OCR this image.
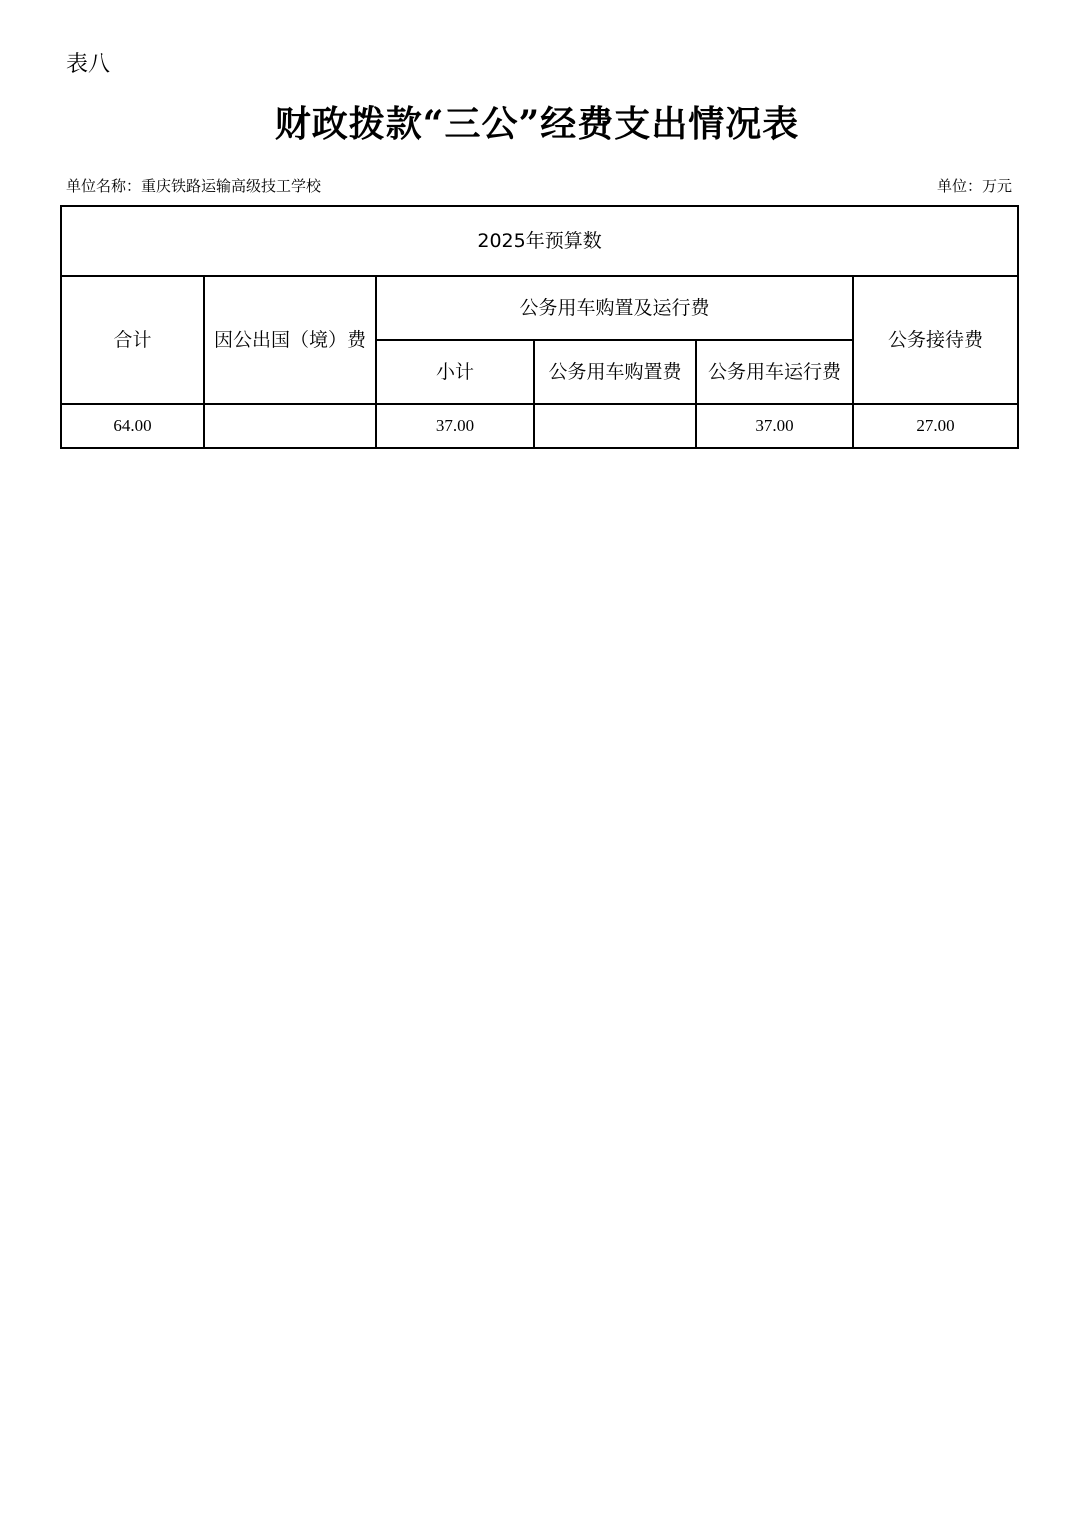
表八
财政拨款“三公”经费支出情况表
单位名称：重庆铁路运输高级技工学校	单位：万元
2025年预算数					
合计	因公出国（境）费	公务用车购置及运行费			公务接待费
		小计	公务用车购置费	公务用车运行费	
64.00		37.00		37.00	27.00
